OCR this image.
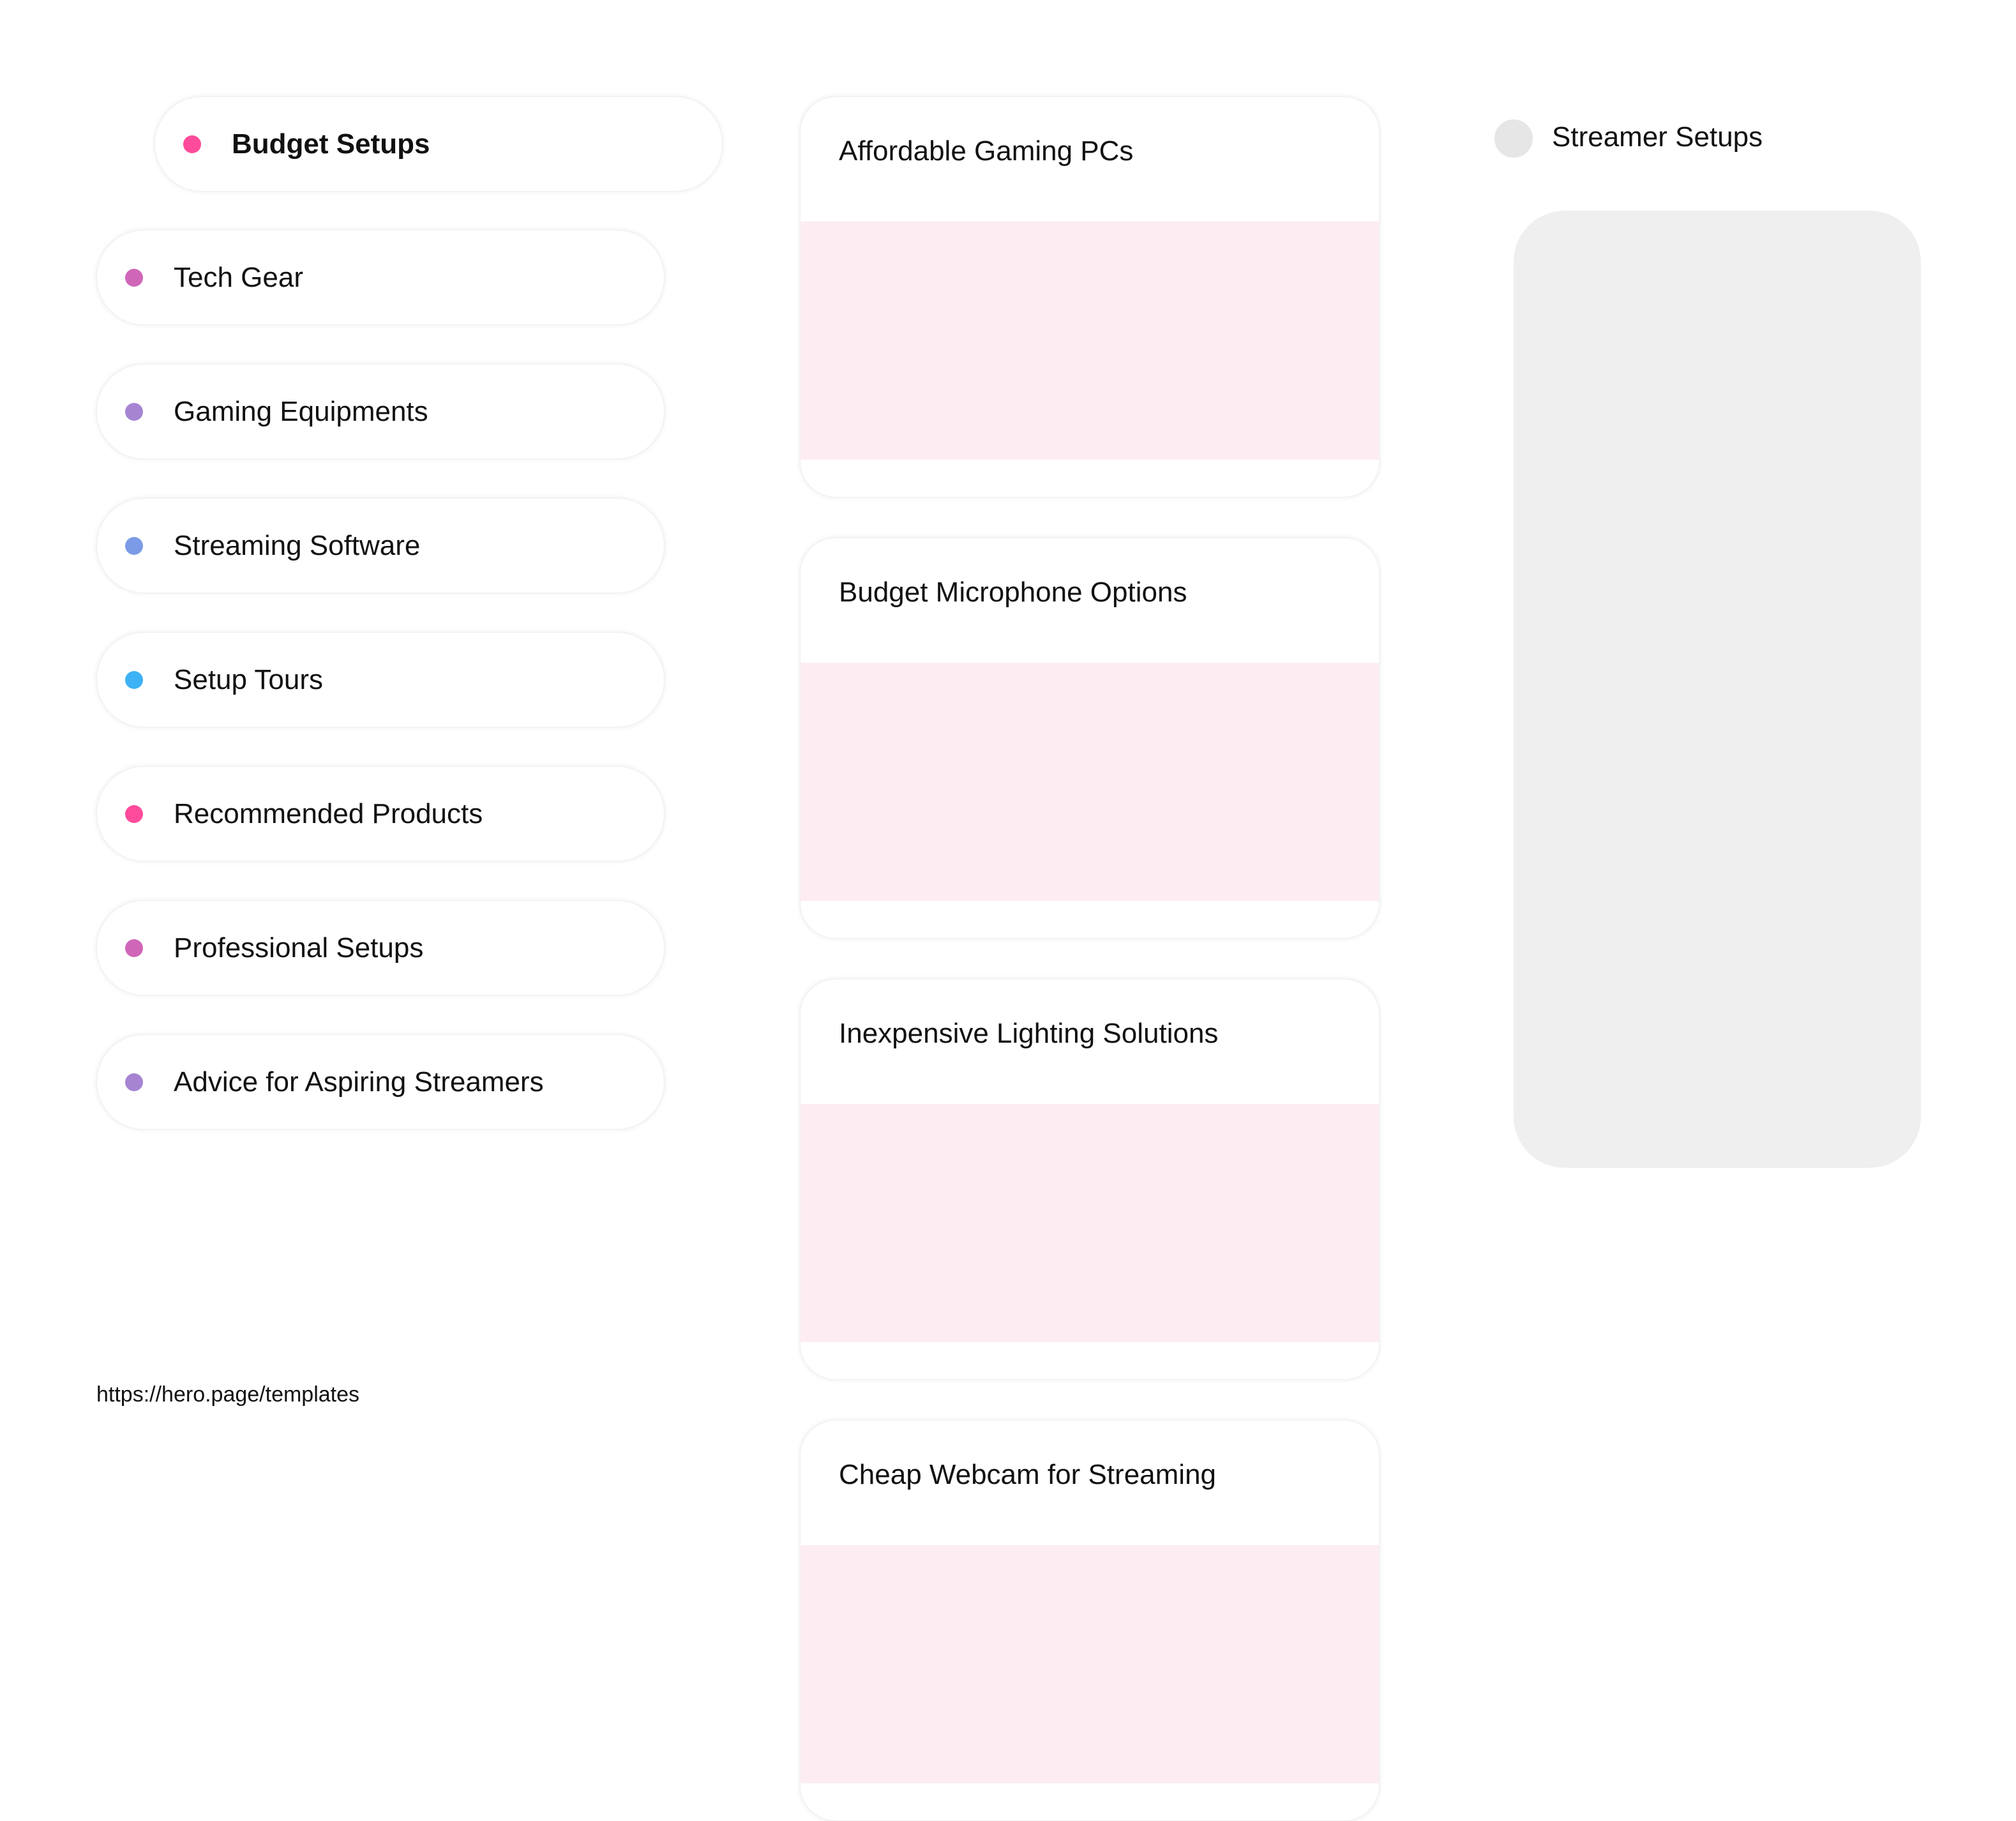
Budget Setups
Tech Gear
Gaming Equipments
Streaming Software
Setup Tours
Recommended Products
Professional Setups
Advice for Aspiring Streamers
Affordable Gaming PCs
Budget Microphone Options
Inexpensive Lighting Solutions
Cheap Webcam for Streaming
Streamer Setups
https://hero.page/templates
